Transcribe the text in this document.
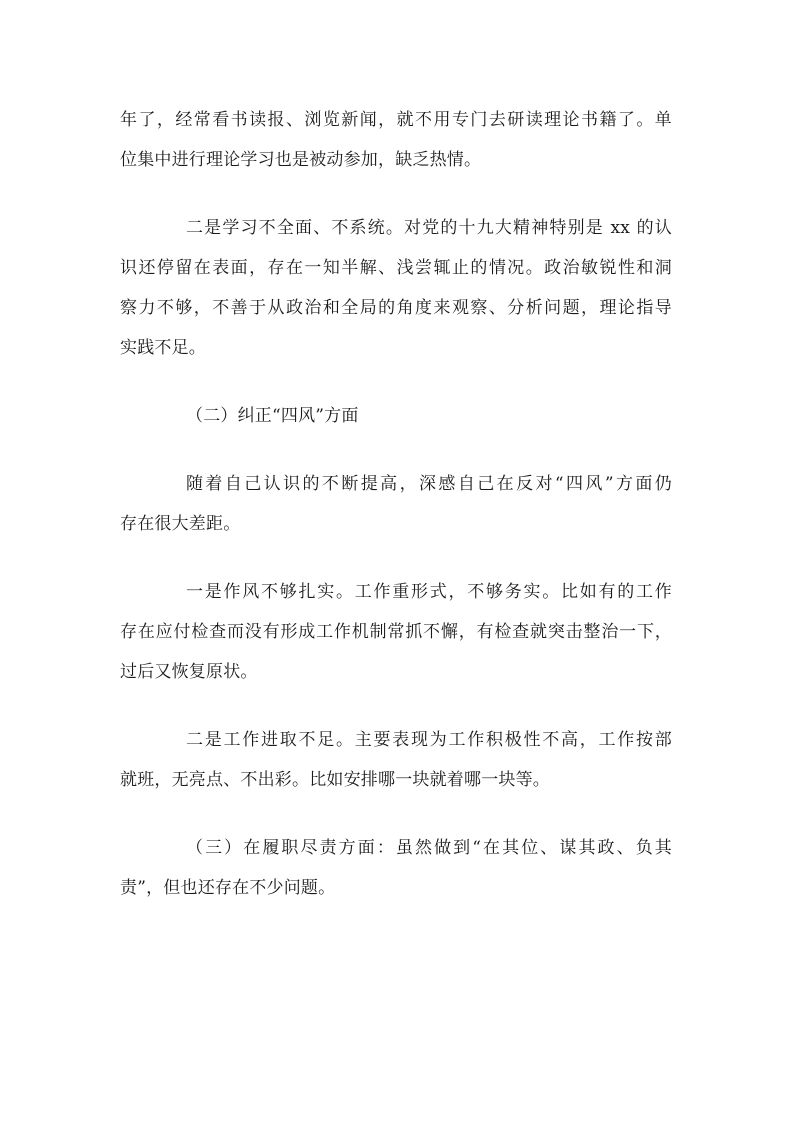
年了，经常看书读报、浏览新闻，就不用专门去研读理论书籍了。单
位集中进行理论学习也是被动参加，缺乏热情。
二是学习不全面、不系统。对党的十九大精神特别是 xx 的认
识还停留在表面，存在一知半解、浅尝辄止的情况。政治敏锐性和洞
察力不够，不善于从政治和全局的角度来观察、分析问题，理论指导
实践不足。
（二）纠正“四风”方面
随着自己认识的不断提高，深感自己在反对“四风”方面仍
存在很大差距。
一是作风不够扎实。工作重形式，不够务实。比如有的工作
存在应付检查而没有形成工作机制常抓不懈，有检查就突击整治一下，
过后又恢复原状。
二是工作进取不足。主要表现为工作积极性不高，工作按部
就班，无亮点、不出彩。比如安排哪一块就着哪一块等。
（三）在履职尽责方面：虽然做到“在其位、谋其政、负其
责”，但也还存在不少问题。
